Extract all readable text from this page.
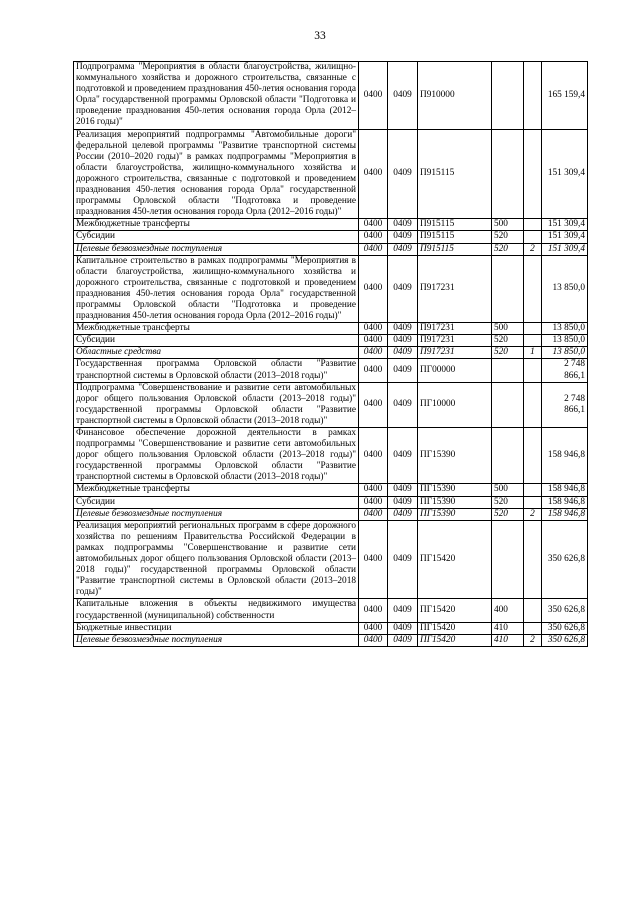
33
Подпрограмма "Мероприятия в области благоустройства, жилищно-коммунального хозяйства и дорожного строительства, связанные с подготовкой и проведением празднования 450-летия основания города Орла" государственной программы Орловской области "Подготовка и проведение празднования 450-летия основания города Орла (2012–2016 годы)"	0400	0409	П910000			165 159,4
Реализация мероприятий подпрограммы "Автомобильные дороги" федеральной целевой программы "Развитие транспортной системы России (2010–2020 годы)" в рамках подпрограммы "Мероприятия в области благоустройства, жилищно-коммунального хозяйства и дорожного строительства, связанные с подготовкой и проведением празднования 450-летия основания города Орла" государственной программы Орловской области "Подготовка и проведение празднования 450-летия основания города Орла (2012–2016 годы)"	0400	0409	П915115			151 309,4
Межбюджетные трансферты	0400	0409	П915115	500		151 309,4
Субсидии	0400	0409	П915115	520		151 309,4
Целевые безвозмездные поступления	0400	0409	П915115	520	2	151 309,4
Капитальное строительство в рамках подпрограммы "Мероприятия в области благоустройства, жилищно-коммунального хозяйства и дорожного строительства, связанные с подготовкой и проведением празднования 450-летия основания города Орла" государственной программы Орловской области "Подготовка и проведение празднования 450-летия основания города Орла (2012–2016 годы)"	0400	0409	П917231			13 850,0
Межбюджетные трансферты	0400	0409	П917231	500		13 850,0
Субсидии	0400	0409	П917231	520		13 850,0
Областные средства	0400	0409	П917231	520	1	13 850,0
Государственная программа Орловской области "Развитие транспортной системы в Орловской области (2013–2018 годы)"	0400	0409	ПГ00000			2 748 866,1
Подпрограмма "Совершенствование и развитие сети автомобильных дорог общего пользования Орловской области (2013–2018 годы)" государственной программы Орловской области "Развитие транспортной системы в Орловской области (2013–2018 годы)"	0400	0409	ПГ10000			2 748 866,1
Финансовое обеспечение дорожной деятельности в рамках подпрограммы "Совершенствование и развитие сети автомобильных дорог общего пользования Орловской области (2013–2018 годы)" государственной программы Орловской области "Развитие транспортной системы в Орловской области (2013–2018 годы)"	0400	0409	ПГ15390			158 946,8
Межбюджетные трансферты	0400	0409	ПГ15390	500		158 946,8
Субсидии	0400	0409	ПГ15390	520		158 946,8
Целевые безвозмездные поступления	0400	0409	ПГ15390	520	2	158 946,8
Реализация мероприятий региональных программ в сфере дорожного хозяйства по решениям Правительства Российской Федерации в рамках подпрограммы "Совершенствование и развитие сети автомобильных дорог общего пользования Орловской области (2013–2018 годы)" государственной программы Орловской области "Развитие транспортной системы в Орловской области (2013–2018 годы)"	0400	0409	ПГ15420			350 626,8
Капитальные вложения в объекты недвижимого имущества государственной (муниципальной) собственности	0400	0409	ПГ15420	400		350 626,8
Бюджетные инвестиции	0400	0409	ПГ15420	410		350 626,8
Целевые безвозмездные поступления	0400	0409	ПГ15420	410	2	350 626,8
